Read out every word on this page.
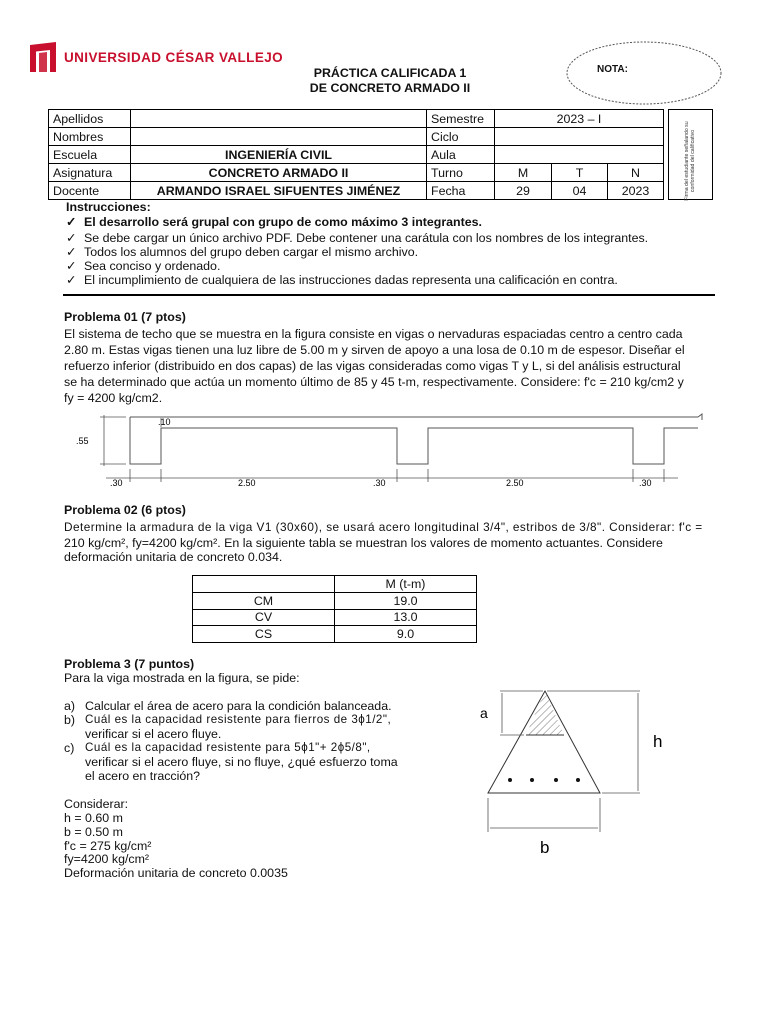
UNIVERSIDAD CÉSAR VALLEJO
PRÁCTICA CALIFICADA 1
DE CONCRETO ARMADO II
NOTA:
Apellidos		Semestre	2023 – I		
Nombres		Ciclo			
Escuela	INGENIERÍA CIVIL	Aula			
Asignatura	CONCRETO ARMADO II	Turno	M	T	N
Docente	ARMANDO ISRAEL SIFUENTES JIMÉNEZ	Fecha	29	04	2023	Firma del estudiante señalando su conformidad del calificativo
Instrucciones:
✓ El desarrollo será grupal con grupo de como máximo 3 integrantes.
✓ Se debe cargar un único archivo PDF. Debe contener una carátula con los nombres de los integrantes.
✓ Todos los alumnos del grupo deben cargar el mismo archivo.
✓ Sea conciso y ordenado.
✓ El incumplimiento de cualquiera de las instrucciones dadas representa una calificación en contra.
Problema 01 (7 ptos)
El sistema de techo que se muestra en la figura consiste en vigas o nervaduras espaciadas centro a centro cada
2.80 m. Estas vigas tienen una luz libre de 5.00 m y sirven de apoyo a una losa de 0.10 m de espesor. Diseñar el
refuerzo inferior (distribuido en dos capas) de las vigas consideradas como vigas T y L, si del análisis estructural
se ha determinado que actúa un momento último de 85 y 45 t-m, respectivamente. Considere: f'c = 210 kg/cm2 y
fy = 4200 kg/cm2.
.10
.55
.30	2.50	.30	2.50	.30
Problema 02 (6 ptos)
Determine la armadura de la viga V1 (30x60), se usará acero longitudinal 3/4", estribos de 3/8". Considerar: f'c =
210 kg/cm², fy=4200 kg/cm². En la siguiente tabla se muestran los valores de momento actuantes. Considere
deformación unitaria de concreto 0.034.
	M (t-m)
CM	19.0
CV	13.0
CS	9.0
Problema 3 (7 puntos)
Para la viga mostrada en la figura, se pide:
a) Calcular el área de acero para la condición balanceada.
b) Cuál es la capacidad resistente para fierros de 3ϕ1/2",
verificar si el acero fluye.
c) Cuál es la capacidad resistente para 5ϕ1"+ 2ϕ5/8",
verificar si el acero fluye, si no fluye, ¿qué esfuerzo toma
el acero en tracción?
Considerar:
h = 0.60 m
b = 0.50 m
f'c = 275 kg/cm²
fy=4200 kg/cm²
Deformación unitaria de concreto 0.0035
a
h
b
